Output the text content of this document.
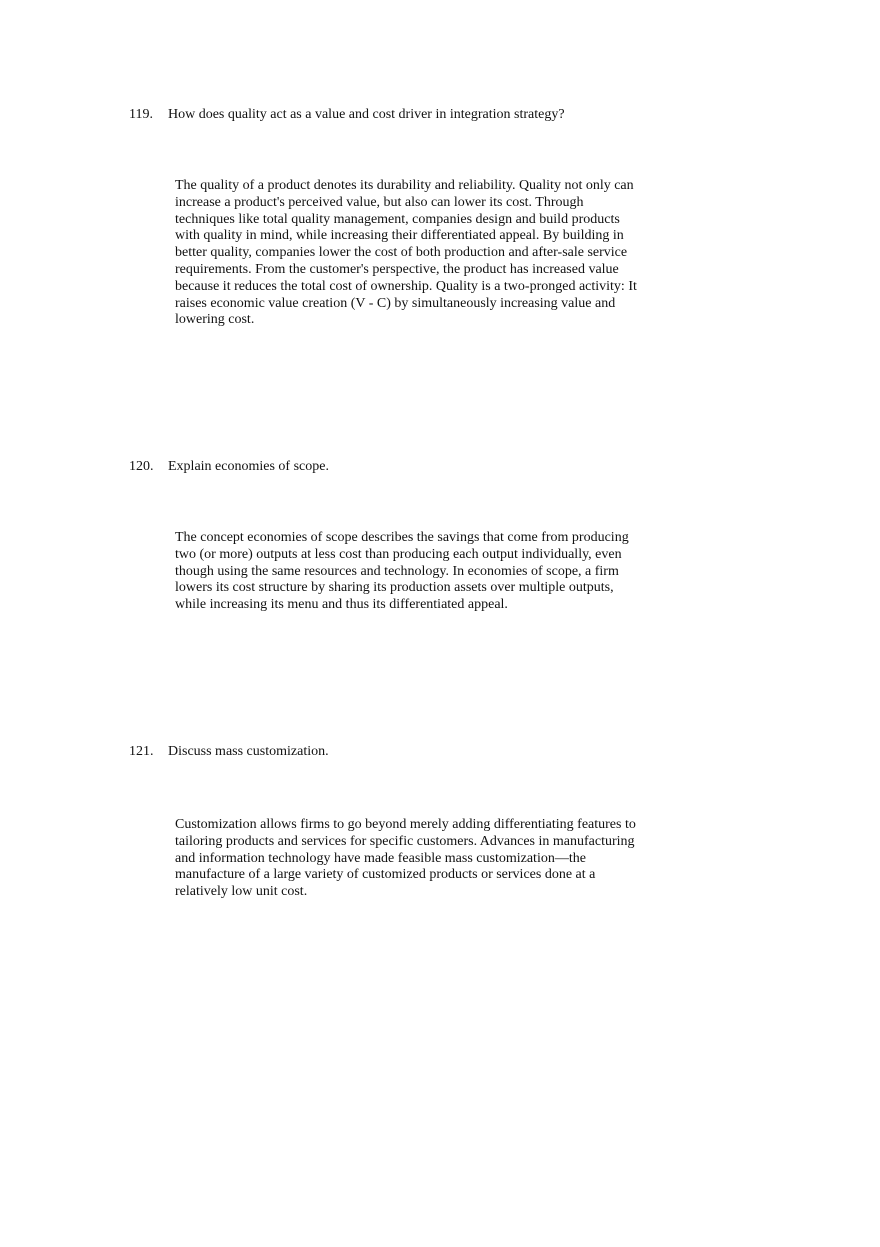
119. How does quality act as a value and cost driver in integration strategy?
The quality of a product denotes its durability and reliability. Quality not only can
increase a product's perceived value, but also can lower its cost. Through
techniques like total quality management, companies design and build products
with quality in mind, while increasing their differentiated appeal. By building in
better quality, companies lower the cost of both production and after-sale service
requirements. From the customer's perspective, the product has increased value
because it reduces the total cost of ownership. Quality is a two-pronged activity: It
raises economic value creation (V - C) by simultaneously increasing value and
lowering cost.
120. Explain economies of scope.
The concept economies of scope describes the savings that come from producing
two (or more) outputs at less cost than producing each output individually, even
though using the same resources and technology. In economies of scope, a firm
lowers its cost structure by sharing its production assets over multiple outputs,
while increasing its menu and thus its differentiated appeal.
121. Discuss mass customization.
Customization allows firms to go beyond merely adding differentiating features to
tailoring products and services for specific customers. Advances in manufacturing
and information technology have made feasible mass customization—the
manufacture of a large variety of customized products or services done at a
relatively low unit cost.
